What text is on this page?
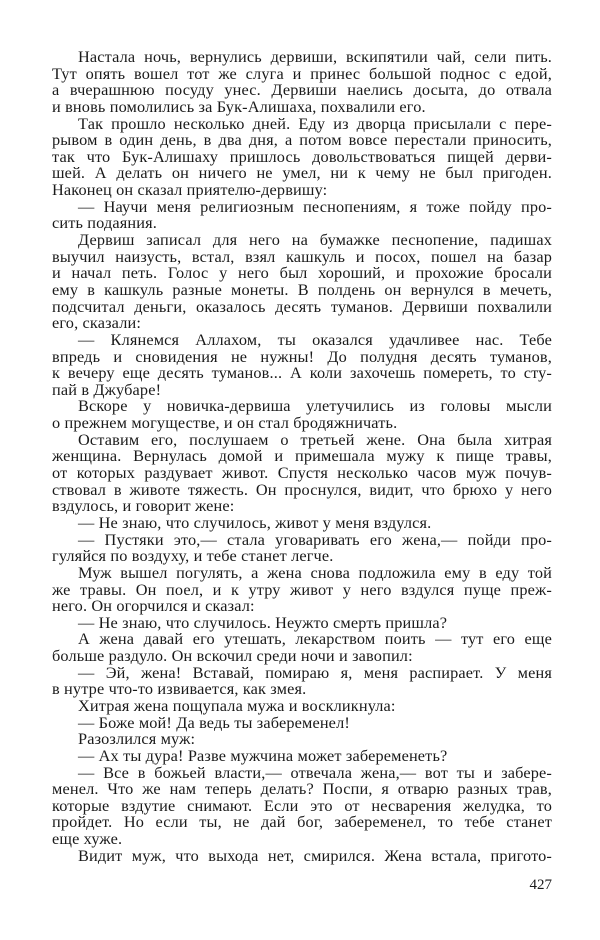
Настала ночь, вернулись дервиши, вскипятили чай, сели пить.
Тут опять вошел тот же слуга и принес большой поднос с едой,
а вчерашнюю посуду унес. Дервиши наелись досыта, до отвала
и вновь помолились за Бук-Алишаха, похвалили его.
Так прошло несколько дней. Еду из дворца присылали с пере-
рывом в один день, в два дня, а потом вовсе перестали приносить,
так что Бук-Алишаху пришлось довольствоваться пищей дерви-
шей. А делать он ничего не умел, ни к чему не был пригоден.
Наконец он сказал приятелю-дервишу:
— Научи меня религиозным песнопениям, я тоже пойду про-
сить подаяния.
Дервиш записал для него на бумажке песнопение, падишах
выучил наизусть, встал, взял кашкуль и посох, пошел на базар
и начал петь. Голос у него был хороший, и прохожие бросали
ему в кашкуль разные монеты. В полдень он вернулся в мечеть,
подсчитал деньги, оказалось десять туманов. Дервиши похвалили
его, сказали:
— Клянемся Аллахом, ты оказался удачливее нас. Тебе
впредь и сновидения не нужны! До полудня десять туманов,
к вечеру еще десять туманов... А коли захочешь помереть, то сту-
пай в Джубаре!
Вскоре у новичка-дервиша улетучились из головы мысли
о прежнем могуществе, и он стал бродяжничать.
Оставим его, послушаем о третьей жене. Она была хитрая
женщина. Вернулась домой и примешала мужу к пище травы,
от которых раздувает живот. Спустя несколько часов муж почув-
ствовал в животе тяжесть. Он проснулся, видит, что брюхо у него
вздулось, и говорит жене:
— Не знаю, что случилось, живот у меня вздулся.
— Пустяки это,— стала уговаривать его жена,— пойди про-
гуляйся по воздуху, и тебе станет легче.
Муж вышел погулять, а жена снова подложила ему в еду той
же травы. Он поел, и к утру живот у него вздулся пуще преж-
него. Он огорчился и сказал:
— Не знаю, что случилось. Неужто смерть пришла?
А жена давай его утешать, лекарством поить — тут его еще
больше раздуло. Он вскочил среди ночи и завопил:
— Эй, жена! Вставай, помираю я, меня распирает. У меня
в нутре что-то извивается, как змея.
Хитрая жена пощупала мужа и воскликнула:
— Боже мой! Да ведь ты забеременел!
Разозлился муж:
— Ах ты дура! Разве мужчина может забеременеть?
— Все в божьей власти,— отвечала жена,— вот ты и забере-
менел. Что же нам теперь делать? Поспи, я отварю разных трав,
которые вздутие снимают. Если это от несварения желудка, то
пройдет. Но если ты, не дай бог, забеременел, то тебе станет
еще хуже.
Видит муж, что выхода нет, смирился. Жена встала, пригото-
427
